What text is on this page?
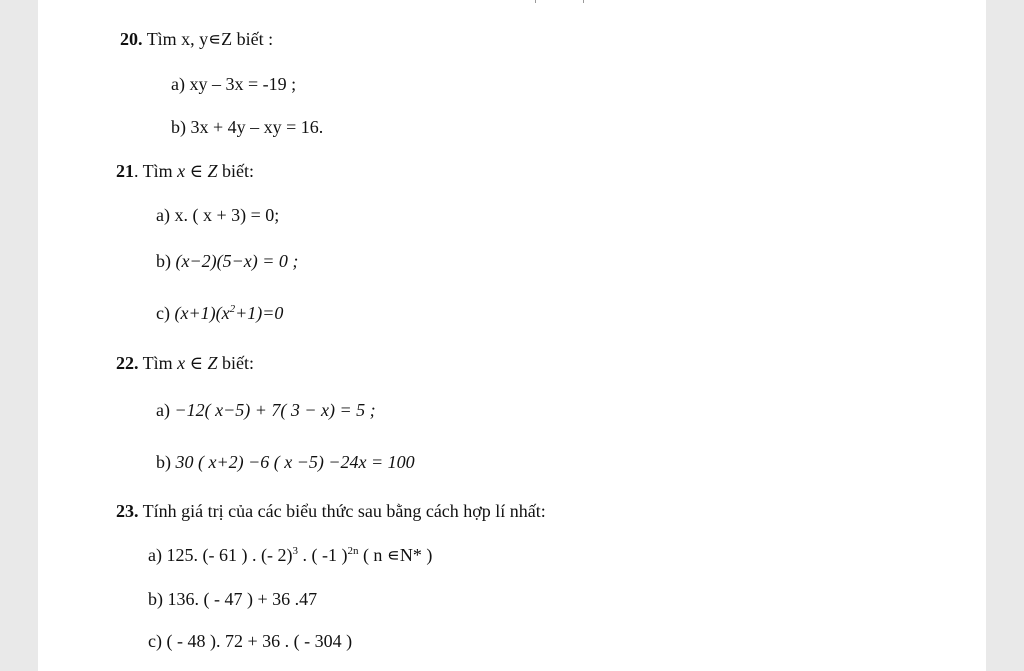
20. Tìm x, y∊Z biết :
a) xy – 3x = -19 ;
b) 3x + 4y – xy = 16.
21. Tìm x ∈ Z biết:
a) x. ( x + 3) = 0;
b) (x−2)(5−x) = 0 ;
c) $(x+1)(x^2+1)=0$
22. Tìm x ∈ Z biết:
a) −12( x−5) + 7( 3 − x) = 5 ;
b) 30 ( x+2) −6 ( x −5) −24x = 100
23. Tính giá trị của các biểu thức sau bằng cách hợp lí nhất:
a) 125. (- 61 ) . (- 2)$^3$ . ( -1 )$^{2n}$ ( n ∊N* )
b) 136. ( - 47 ) + 36 .47
c) ( - 48 ). 72 + 36 . ( - 304 )
